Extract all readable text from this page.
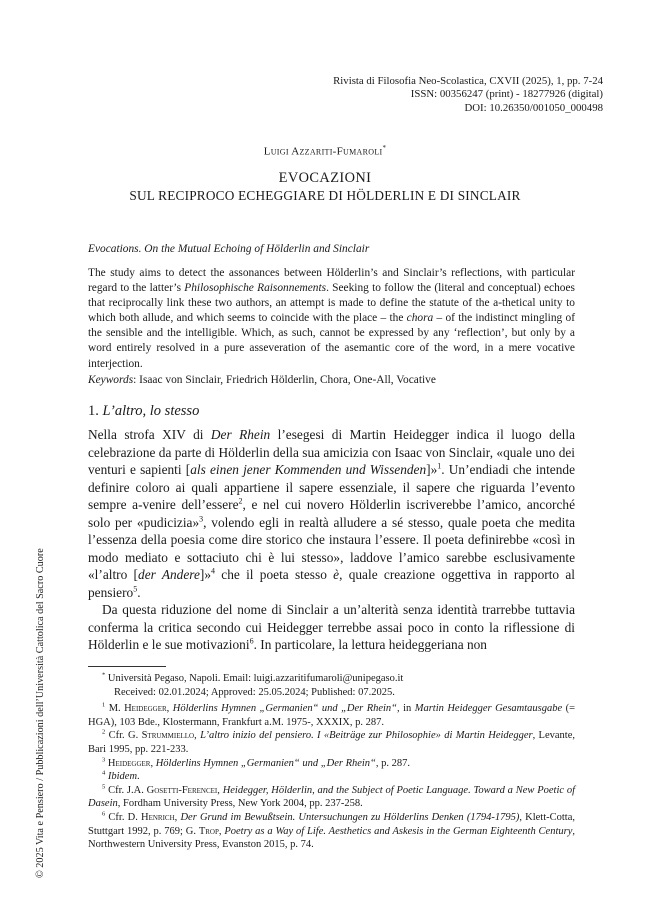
© 2025 Vita e Pensiero / Pubblicazioni dell’Università Cattolica del Sacro Cuore
Rivista di Filosofia Neo-Scolastica, CXVII (2025), 1, pp. 7-24
ISSN: 00356247 (print) - 18277926 (digital)
DOI: 10.26350/001050_000498
Luigi Azzariti-Fumaroli*
EVOCAZIONI
SUL RECIPROCO ECHEGGIARE DI HÖLDERLIN E DI SINCLAIR
Evocations. On the Mutual Echoing of Hölderlin and Sinclair
The study aims to detect the assonances between Hölderlin’s and Sinclair’s reflections, with particular regard to the latter’s Philosophische Raisonnements. Seeking to follow the (literal and conceptual) echoes that reciprocally link these two authors, an attempt is made to define the statute of the a-thetical unity to which both allude, and which seems to coincide with the place – the chora – of the indistinct mingling of the sensible and the intelligible. Which, as such, cannot be expressed by any ‘reflection’, but only by a word entirely resolved in a pure asseveration of the asemantic core of the word, in a mere vocative interjection.
Keywords: Isaac von Sinclair, Friedrich Hölderlin, Chora, One-All, Vocative
1. L’altro, lo stesso

Nella strofa XIV di Der Rhein l’esegesi di Martin Heidegger indica il luogo della celebrazione da parte di Hölderlin della sua amicizia con Isaac von Sinclair, «quale uno dei venturi e sapienti [als einen jener Kommenden und Wissenden]»$^1$. Un’endiadi che intende definire coloro ai quali appartiene il sapere essenziale, il sapere che riguarda l’evento sempre a-venire dell’essere$^2$, e nel cui novero Hölderlin iscriverebbe l’amico, ancorché solo per «pudicizia»$^3$, volendo egli in realtà alludere a sé stesso, quale poeta che medita l’essenza della poesia come dire storico che instaura l’essere. Il poeta definirebbe «così in modo mediato e sottaciuto chi è lui stesso», laddove l’amico sarebbe esclusivamente «l’altro [der Andere]»$^4$ che il poeta stesso è, quale creazione oggettiva in rapporto al pensiero$^5$.

Da questa riduzione del nome di Sinclair a un’alterità senza identità trarrebbe tuttavia conferma la critica secondo cui Heidegger terrebbe assai poco in conto la riflessione di Hölderlin e le sue motivazioni$^6$. In particolare, la lettura heideggeriana non

* Università Pegaso, Napoli. Email: luigi.azzaritifumaroli@unipegaso.it
Received: 02.01.2024; Approved: 25.05.2024; Published: 07.2025.

$^1$ M. Heidegger, Hölderlins Hymnen „Germanien“ und „Der Rhein“, in Martin Heidegger Gesamtausgabe (= HGA), 103 Bde., Klostermann, Frankfurt a.M. 1975-, XXXIX, p. 287.

$^2$ Cfr. G. Strummiello, L’altro inizio del pensiero. I «Beiträge zur Philosophie» di Martin Heidegger, Levante, Bari 1995, pp. 221-233.

$^3$ Heidegger, Hölderlins Hymnen „Germanien“ und „Der Rhein“, p. 287.

$^4$ Ibidem.

$^5$ Cfr. J.A. Gosetti-Ferencei, Heidegger, Hölderlin, and the Subject of Poetic Language. Toward a New Poetic of Dasein, Fordham University Press, New York 2004, pp. 237-258.

$^6$ Cfr. D. Henrich, Der Grund im Bewußtsein. Untersuchungen zu Hölderlins Denken (1794-1795), Klett-Cotta, Stuttgart 1992, p. 769; G. Trop, Poetry as a Way of Life. Aesthetics and Askesis in the German Eighteenth Century, Northwestern University Press, Evanston 2015, p. 74.
